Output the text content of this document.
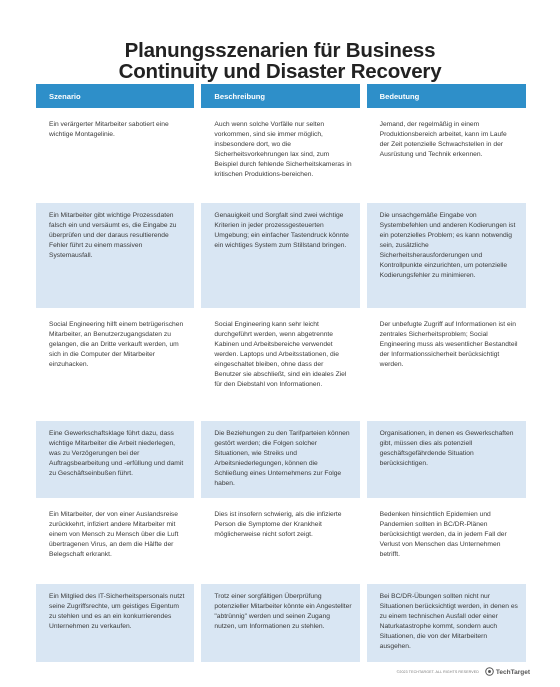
Planungsszenarien für Business
Continuity und Disaster Recovery
Szenario	Beschreibung	Bedeutung
Ein verärgerter Mitarbeiter sabotiert eine wichtige Montagelinie.	Auch wenn solche Vorfälle nur selten vorkommen, sind sie immer möglich, insbesondere dort, wo die Sicherheitsvorkehrungen lax sind, zum Beispiel durch fehlende Sicherheitskameras in kritischen Produktions-bereichen.	Jemand, der regelmäßig in einem Produktionsbereich arbeitet, kann im Laufe der Zeit potenzielle Schwachstellen in der Ausrüstung und Technik erkennen.
Ein Mitarbeiter gibt wichtige Prozessdaten falsch ein und versäumt es, die Eingabe zu überprüfen und der daraus resultierende Fehler führt zu einem massiven Systemausfall.	Genauigkeit und Sorgfalt sind zwei wichtige Kriterien in jeder prozessgesteuerten Umgebung; ein einfacher Tastendruck könnte ein wichtiges System zum Stillstand bringen.	Die unsachgemäße Eingabe von Systembefehlen und anderen Kodierungen ist ein potenzielles Problem; es kann notwendig sein, zusätzliche Sicherheitsherausforderungen und Kontrollpunkte einzurichten, um potenzielle Kodierungsfehler zu minimieren.
Social Engineering hilft einem betrügerischen Mitarbeiter, an Benutzerzugangsdaten zu gelangen, die an Dritte verkauft werden, um sich in die Computer der Mitarbeiter einzuhacken.	Social Engineering kann sehr leicht durchgeführt werden, wenn abgetrennte Kabinen und Arbeitsbereiche verwendet werden. Laptops und Arbeitsstationen, die eingeschaltet bleiben, ohne dass der Benutzer sie abschließt, sind ein ideales Ziel für den Diebstahl von Informationen.	Der unbefugte Zugriff auf Informationen ist ein zentrales Sicherheitsproblem; Social Engineering muss als wesentlicher Bestandteil der Informationssicherheit berücksichtigt werden.
Eine Gewerkschaftsklage führt dazu, dass wichtige Mitarbeiter die Arbeit niederlegen, was zu Verzögerungen bei der Auftragsbearbeitung und -erfüllung und damit zu Geschäftseinbußen führt.	Die Beziehungen zu den Tarifparteien können gestört werden; die Folgen solcher Situationen, wie Streiks und Arbeitsniederlegungen, können die Schließung eines Unternehmens zur Folge haben.	Organisationen, in denen es Gewerkschaften gibt, müssen dies als potenziell geschäftsgefährdende Situation berücksichtigen.
Ein Mitarbeiter, der von einer Auslandsreise zurückkehrt, infiziert andere Mitarbeiter mit einem von Mensch zu Mensch über die Luft übertragenen Virus, an dem die Hälfte der Belegschaft erkrankt.	Dies ist insofern schwierig, als die infizierte Person die Symptome der Krankheit möglicherweise nicht sofort zeigt.	Bedenken hinsichtlich Epidemien und Pandemien sollten in BC/DR-Plänen berücksichtigt werden, da in jedem Fall der Verlust von Menschen das Unternehmen betrifft.
Ein Mitglied des IT-Sicherheitspersonals nutzt seine Zugriffsrechte, um geistiges Eigentum zu stehlen und es an ein konkurrierendes Unternehmen zu verkaufen.	Trotz einer sorgfältigen Überprüfung potenzieller Mitarbeiter könnte ein Angestellter "abtrünnig" werden und seinen Zugang nutzen, um Informationen zu stehlen.	Bei BC/DR-Übungen sollten nicht nur Situationen berücksichtigt werden, in denen es zu einem technischen Ausfall oder einer Naturkatastrophe kommt, sondern auch Situationen, die von der Mitarbeitern ausgehen.
©2023 TECHTARGET. ALL RIGHTS RESERVED	TechTarget
